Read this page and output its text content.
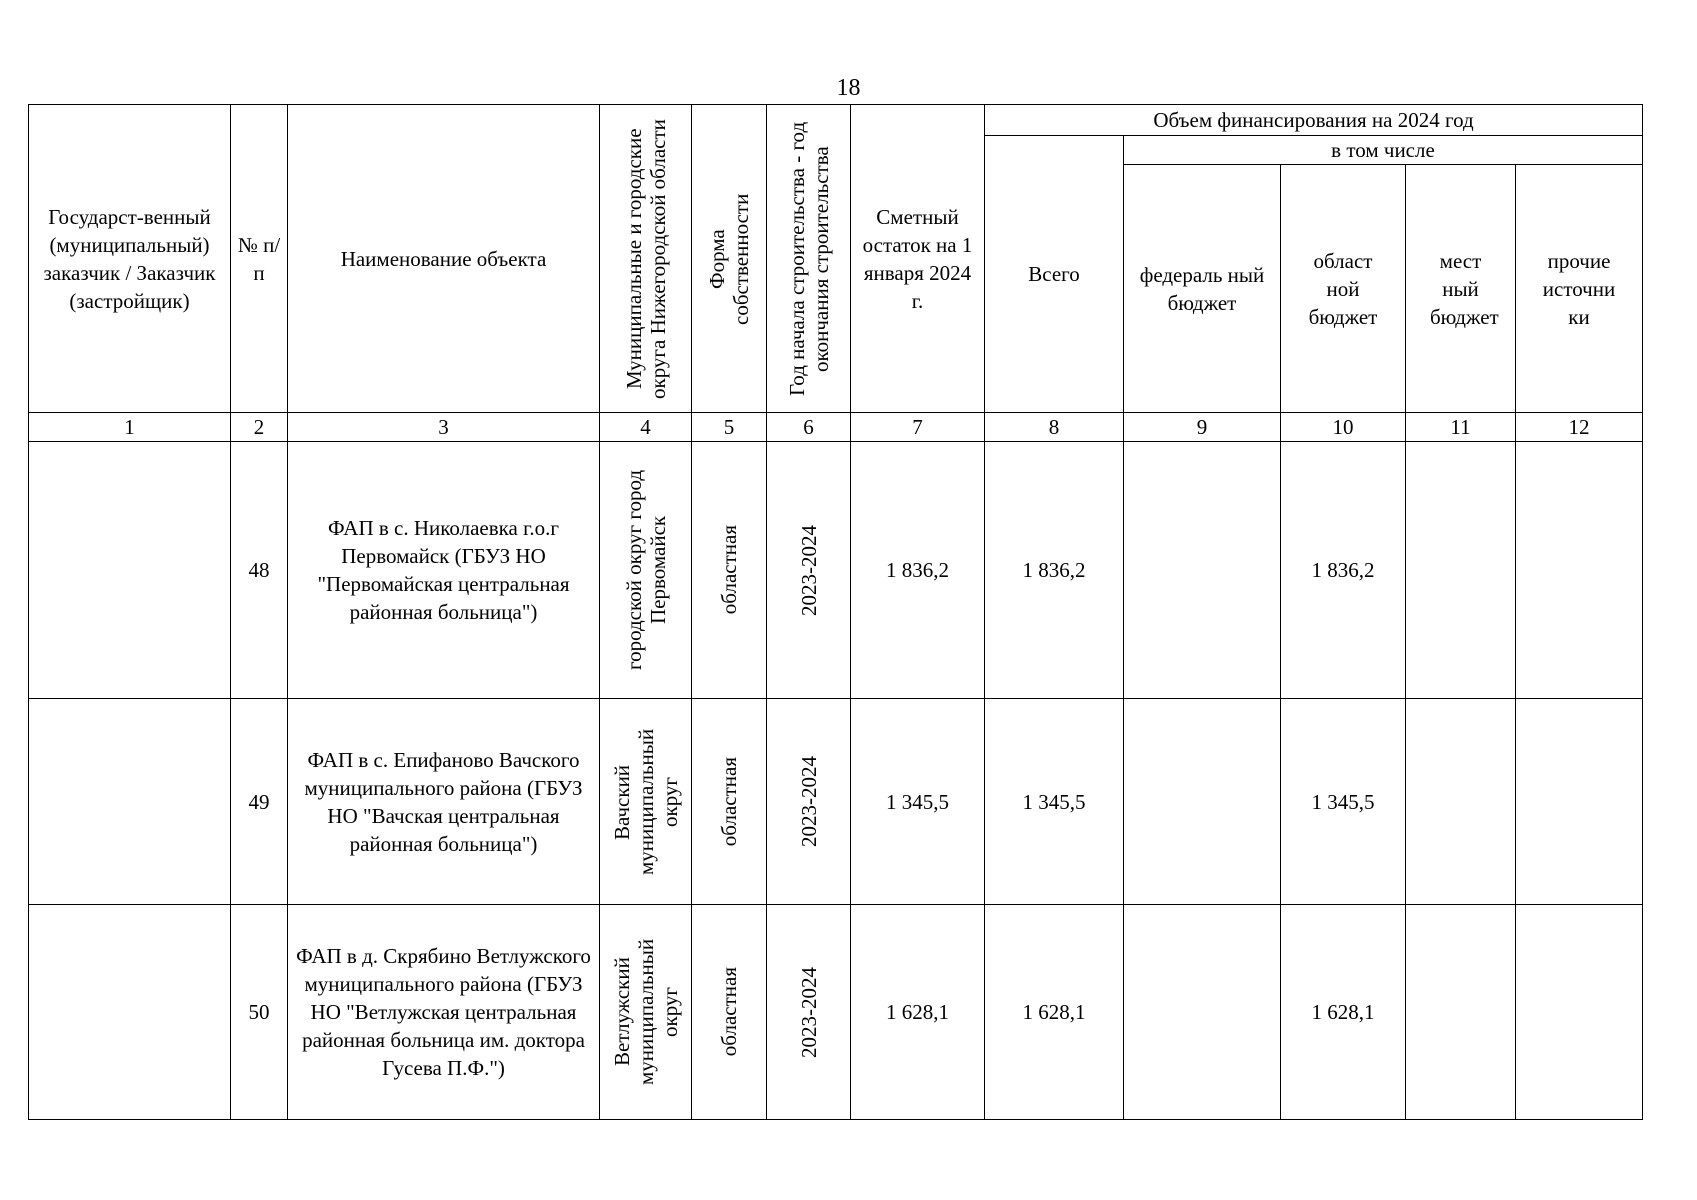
18
Государст-венный (муниципальный) заказчик / Заказчик (застройщик)	№ п/п	Наименование объекта	Муниципальные и городские округа Нижегородской области	Форма собственности	Год начала строительства - год окончания строительства	Сметный остаток на 1 января 2024 г.	Объем финансирования на 2024 год				
							Всего	в том числе			

								федераль ный бюджет	област ной бюджет	мест ный бюджет	прочие источни ки

1	2	3	4	5	6	7	8	9	10	11	12
	48	ФАП в с. Николаевка г.о.г Первомайск (ГБУЗ НО "Первомайская центральная районная больница")	городской округ город Первомайск	областная	2023-2024	1 836,2	1 836,2		1 836,2		
	49	ФАП в с. Епифаново Вачского муниципального района (ГБУЗ НО "Вачская центральная районная больница")	Вачский муниципальный округ	областная	2023-2024	1 345,5	1 345,5		1 345,5		
	50	ФАП в д. Скрябино Ветлужского муниципального района (ГБУЗ НО "Ветлужская центральная районная больница им. доктора Гусева П.Ф.")	Ветлужский муниципальный округ	областная	2023-2024	1 628,1	1 628,1		1 628,1		
